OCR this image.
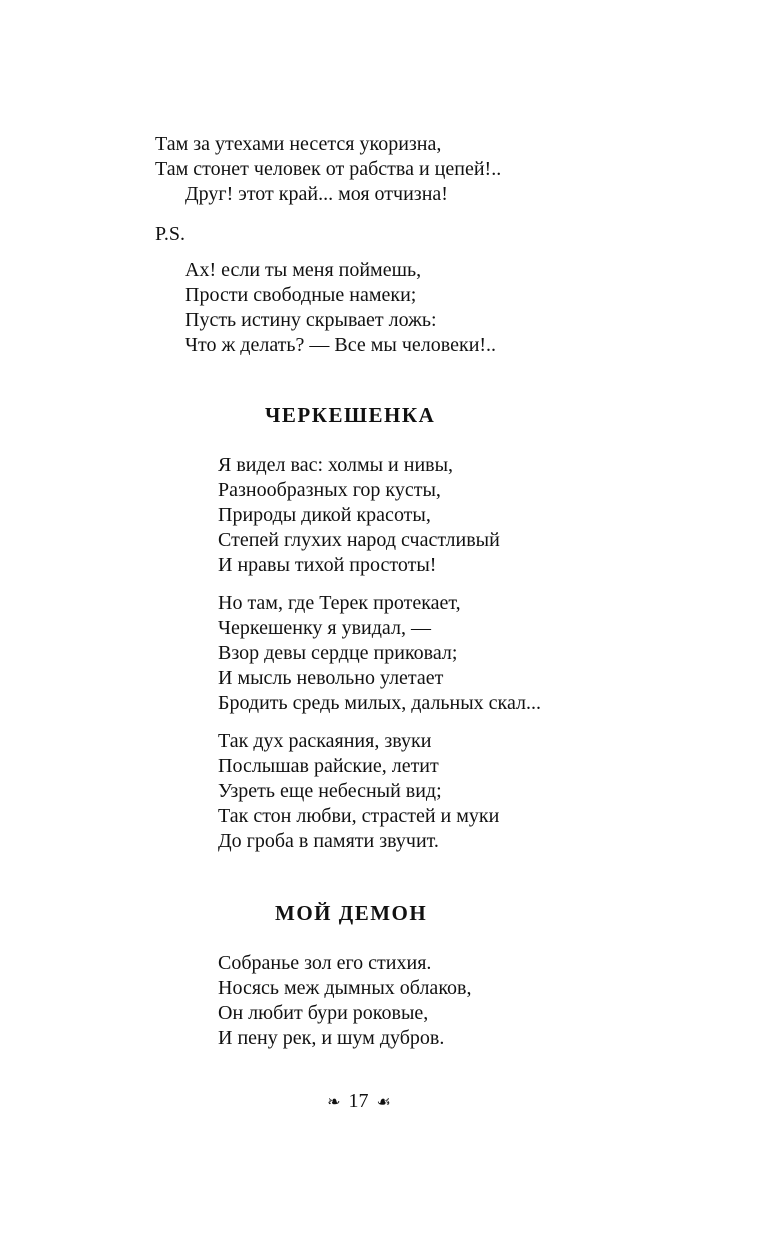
Там за утехами несется укоризна,
Там стонет человек от рабства и цепей!..
Друг! этот край... моя отчизна!
P.S.
Ах! если ты меня поймешь,
Прости свободные намеки;
Пусть истину скрывает ложь:
Что ж делать? — Все мы человеки!..
ЧЕРКЕШЕНКА
Я видел вас: холмы и нивы,
Разнообразных гор кусты,
Природы дикой красоты,
Степей глухих народ счастливый
И нравы тихой простоты!
Но там, где Терек протекает,
Черкешенку я увидал, —
Взор девы сердце приковал;
И мысль невольно улетает
Бродить средь милых, дальных скал...
Так дух раскаяния, звуки
Послышав райские, летит
Узреть еще небесный вид;
Так стон любви, страстей и муки
До гроба в памяти звучит.
МОЙ ДЕМОН
Собранье зол его стихия.
Носясь меж дымных облаков,
Он любит бури роковые,
И пену рек, и шум дубров.
❧ 17 ☙
